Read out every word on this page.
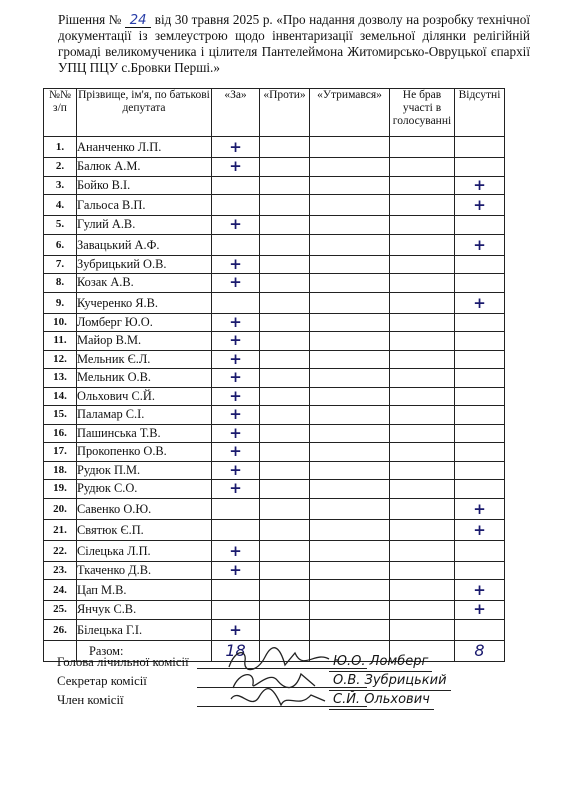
Рішення № 24 від 30 травня 2025 р. «Про надання дозволу на розробку технічної документації із землеустрою щодо інвентаризації земельної ділянки релігійній громаді великомученика і цілителя Пантелеймона Житомирсько-Овруцької єпархії УПЦ ПЦУ с.Бровки Перші.»
№№ з/п	Прізвище, ім'я, по батькові депутата	«За»	«Проти»	«Утримався»	Не брав участі в голосуванні	Відсутні
1.	Ананченко Л.П.	+				
2.	Балюк А.М.	+				
3.	Бойко В.І.					+
4.	Гальоса В.П.					+
5.	Гулий А.В.	+				
6.	Завацький А.Ф.					+
7.	Зубрицький О.В.	+				
8.	Козак А.В.	+				
9.	Кучеренко Я.В.					+
10.	Ломберг Ю.О.	+				
11.	Майор В.М.	+				
12.	Мельник Є.Л.	+				
13.	Мельник О.В.	+				
14.	Ольхович С.Й.	+				
15.	Паламар С.І.	+				
16.	Пашинська Т.В.	+				
17.	Прокопенко О.В.	+				
18.	Рудюк П.М.	+				
19.	Рудюк С.О.	+				
20.	Савенко О.Ю.					+
21.	Святюк Є.П.					+
22.	Сілецька Л.П.	+				
23.	Ткаченко Д.В.	+				
24.	Цап М.В.					+
25.	Янчук С.В.					+
26.	Білецька Г.І.	+				
	Разом:	18				8
Голова лічильної комісії	Ю.О. Ломберг
Секретар комісії	О.В. Зубрицький
Член комісії	С.Й. Ольхович
